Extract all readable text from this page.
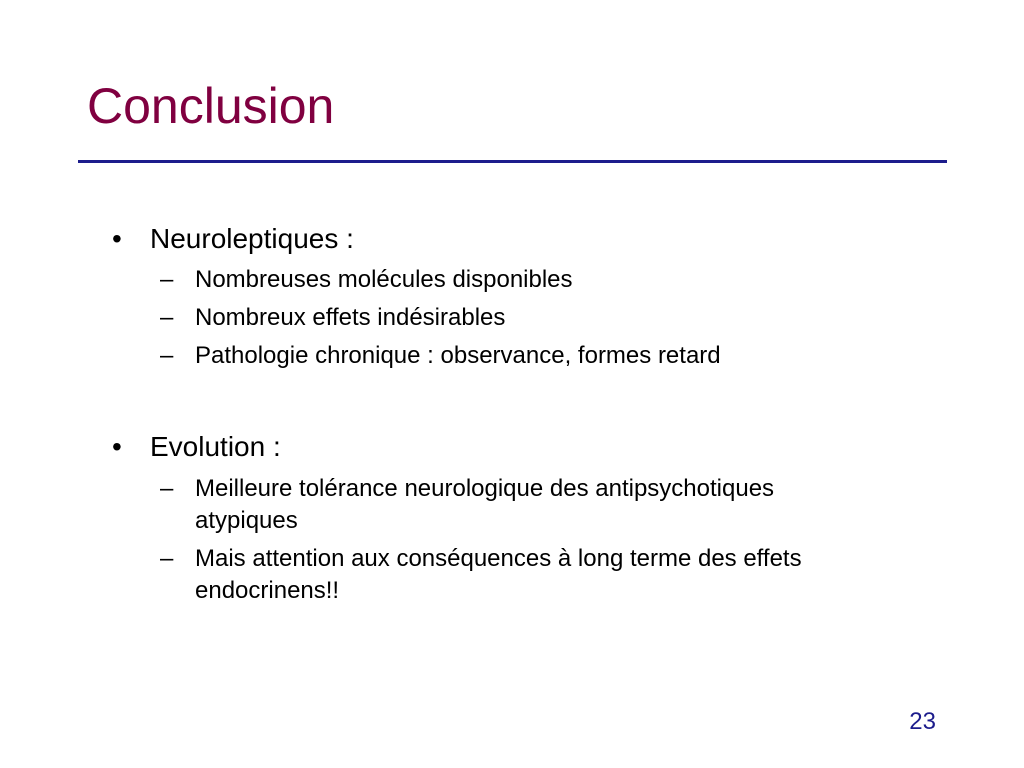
Conclusion
• Neuroleptiques :
– Nombreuses molécules disponibles
– Nombreux effets indésirables
– Pathologie chronique : observance, formes retard
• Evolution :
– Meilleure tolérance neurologique des antipsychotiques atypiques
– Mais attention aux conséquences à long terme des effets endocrinens!!
23
